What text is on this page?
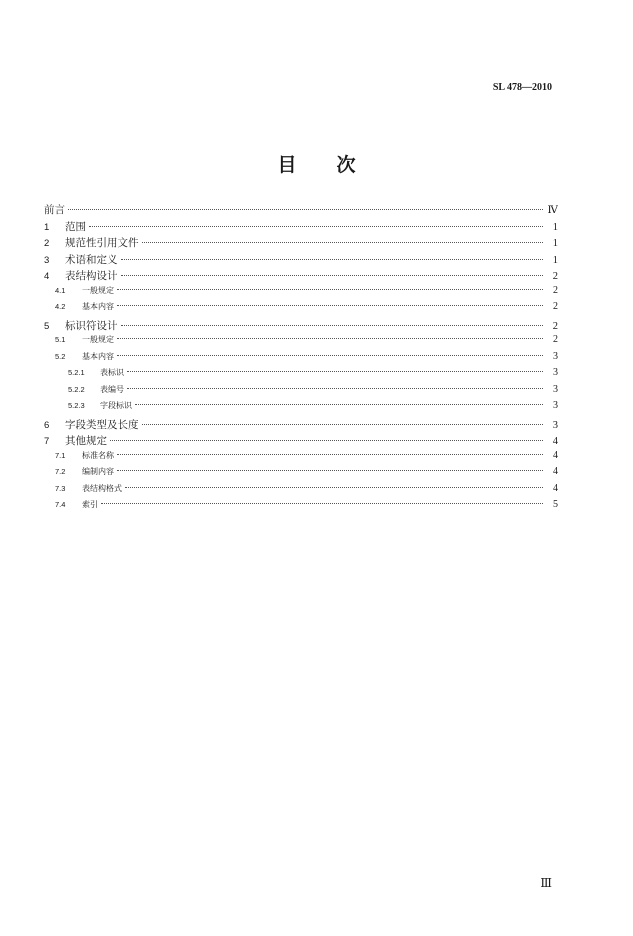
SL 478—2010
目 次
前言	Ⅳ
1	范围	1
2	规范性引用文件	1
3	术语和定义	1
4	表结构设计	2
4.1	一般规定	2
4.2	基本内容	2
5	标识符设计	2
5.1	一般规定	2
5.2	基本内容	3
5.2.1	表标识	3
5.2.2	表编号	3
5.2.3	字段标识	3
6	字段类型及长度	3
7	其他规定	4
7.1	标准名称	4
7.2	编制内容	4
7.3	表结构格式	4
7.4	索引	5
Ⅲ
